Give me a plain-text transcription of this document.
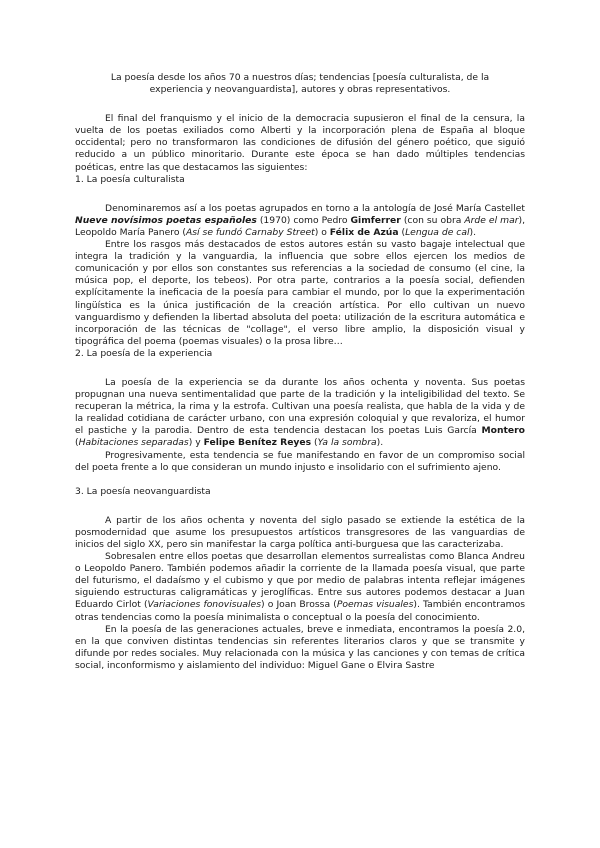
La poesía desde los años 70 a nuestros días; tendencias [poesía culturalista, de la experiencia y neovanguardista], autores y obras representativos.

El final del franquismo y el inicio de la democracia supusieron el final de la censura, la vuelta de los poetas exiliados como Alberti y la incorporación plena de España al bloque occidental; pero no transformaron las condiciones de difusión del género poético, que siguió reducido a un público minoritario. Durante este época se han dado múltiples tendencias poéticas, entre las que destacamos las siguientes:

1. La poesía culturalista

Denominaremos así a los poetas agrupados en torno a la antología de José María Castellet Nueve novísimos poetas españoles (1970) como Pedro Gimferrer (con su obra Arde el mar), Leopoldo María Panero (Así se fundó Carnaby Street) o Félix de Azúa (Lengua de cal).

Entre los rasgos más destacados de estos autores están su vasto bagaje intelectual que integra la tradición y la vanguardia, la influencia que sobre ellos ejercen los medios de comunicación y por ellos son constantes sus referencias a la sociedad de consumo (el cine, la música pop, el deporte, los tebeos). Por otra parte, contrarios a la poesía social, defienden explícitamente la ineficacia de la poesía para cambiar el mundo, por lo que la experimentación lingüística es la única justificación de la creación artística. Por ello cultivan un nuevo vanguardismo y defienden la libertad absoluta del poeta: utilización de la escritura automática e incorporación de las técnicas de "collage", el verso libre amplio, la disposición visual y tipográfica del poema (poemas visuales) o la prosa libre…

2. La poesía de la experiencia

La poesía de la experiencia se da durante los años ochenta y noventa. Sus poetas propugnan una nueva sentimentalidad que parte de la tradición y la inteligibilidad del texto. Se recuperan la métrica, la rima y la estrofa. Cultivan una poesía realista, que habla de la vida y de la realidad cotidiana de carácter urbano, con una expresión coloquial y que revaloriza, el humor el pastiche y la parodia. Dentro de esta tendencia destacan los poetas Luis García Montero (Habitaciones separadas) y Felipe Benítez Reyes (Ya la sombra).

Progresivamente, esta tendencia se fue manifestando en favor de un compromiso social del poeta frente a lo que consideran un mundo injusto e insolidario con el sufrimiento ajeno.

3. La poesía neovanguardista

A partir de los años ochenta y noventa del siglo pasado se extiende la estética de la posmodernidad que asume los presupuestos artísticos transgresores de las vanguardias de inicios del siglo XX, pero sin manifestar la carga política anti-burguesa que las caracterizaba.

Sobresalen entre ellos poetas que desarrollan elementos surrealistas como Blanca Andreu o Leopoldo Panero. También podemos añadir la corriente de la llamada poesía visual, que parte del futurismo, el dadaísmo y el cubismo y que por medio de palabras intenta reflejar imágenes siguiendo estructuras caligramáticas y jeroglíficas. Entre sus autores podemos destacar a Juan Eduardo Cirlot (Variaciones fonovisuales) o Joan Brossa (Poemas visuales). También encontramos otras tendencias como la poesía minimalista o conceptual o la poesía del conocimiento.

En la poesía de las generaciones actuales, breve e inmediata, encontramos la poesía 2.0, en la que conviven distintas tendencias sin referentes literarios claros y que se transmite y difunde por redes sociales. Muy relacionada con la música y las canciones y con temas de crítica social, inconformismo y aislamiento del individuo: Miguel Gane o Elvira Sastre
